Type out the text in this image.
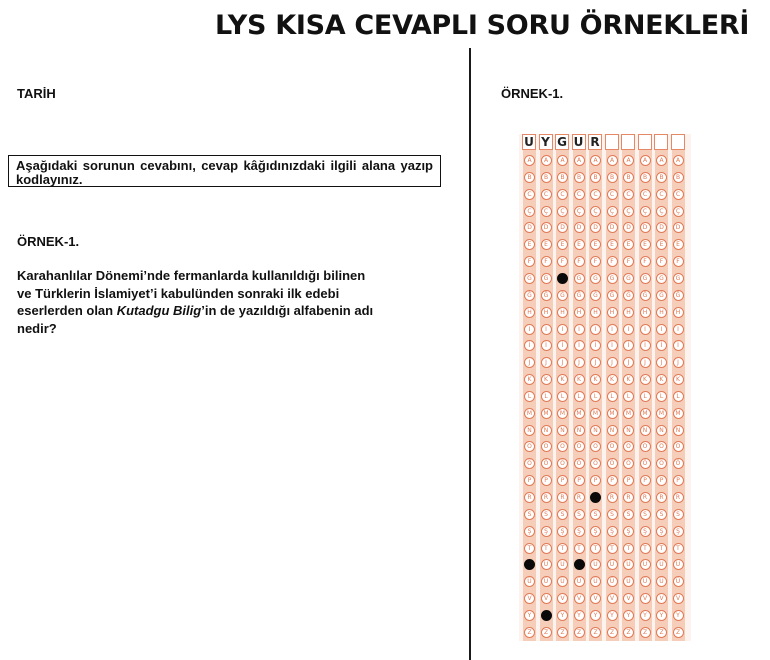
LYS KISA CEVAPLI SORU ÖRNEKLERİ
TARİH
Aşağıdaki sorunun cevabını, cevap kâğıdınızdaki ilgili alana yazıp kodlayınız.
ÖRNEK-1.
Karahanlılar Dönemi’nde fermanlarda kullanıldığı bilinen
ve Türklerin İslamiyet’i kabulünden sonraki ilk edebi
eserlerden olan Kutadgu Bilig’in de yazıldığı alfabenin adı
nedir?
ÖRNEK-1.
U Y G U R
A	A	A	A	A	A	A	A	A	A
B	B	B	B	B	B	B	B	B	B
C	C	C	C	C	C	C	C	C	C
Ç	Ç	Ç	Ç	Ç	Ç	Ç	Ç	Ç	Ç
D	D	D	D	D	D	D	D	D	D
E	E	E	E	E	E	E	E	E	E
F	F	F	F	F	F	F	F	F	F
G	G	G	G	G	G	G	G	G	G
Ğ	Ğ	Ğ	Ğ	Ğ	Ğ	Ğ	Ğ	Ğ	Ğ
H	H	H	H	H	H	H	H	H	H
I	I	I	I	I	I	I	I	I	I
İ	İ	İ	İ	İ	İ	İ	İ	İ	İ
J	J	J	J	J	J	J	J	J	J
K	K	K	K	K	K	K	K	K	K
L	L	L	L	L	L	L	L	L	L
M	M	M	M	M	M	M	M	M	M
N	N	N	N	N	N	N	N	N	N
O	O	O	O	O	O	O	O	O	O
Ö	Ö	Ö	Ö	Ö	Ö	Ö	Ö	Ö	Ö
P	P	P	P	P	P	P	P	P	P
R	R	R	R	R	R	R	R	R	R
S	S	S	S	S	S	S	S	S	S
Ş	Ş	Ş	Ş	Ş	Ş	Ş	Ş	Ş	Ş
T	T	T	T	T	T	T	T	T	T
U	U	U	U	U	U	U	U	U	U
Ü	Ü	Ü	Ü	Ü	Ü	Ü	Ü	Ü	Ü
V	V	V	V	V	V	V	V	V	V
Y	Y	Y	Y	Y	Y	Y	Y	Y	Y
Z	Z	Z	Z	Z	Z	Z	Z	Z	Z
